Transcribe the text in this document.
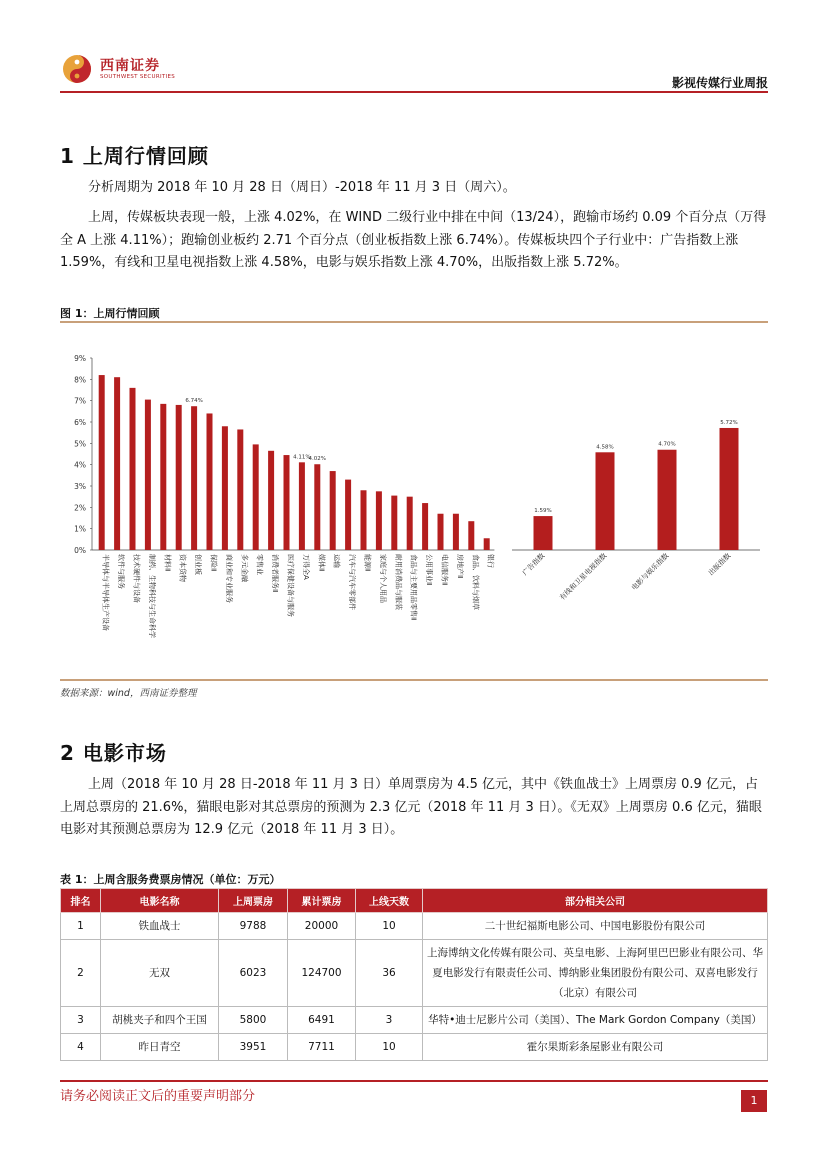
西南证券
SOUTHWEST SECURITIES	影视传媒行业周报
1 上周行情回顾
分析周期为 2018 年 10 月 28 日（周日）-2018 年 11 月 3 日（周六）。
上周，传媒板块表现一般，上涨 4.02%，在 WIND 二级行业中排在中间（13/24），跑输市场约 0.09 个百分点（万得全 A 上涨 4.11%）；跑输创业板约 2.71 个百分点（创业板指数上涨 6.74%）。传媒板块四个子行业中：广告指数上涨 1.59%，有线和卫星电视指数上涨 4.58%，电影与娱乐指数上涨 4.70%，出版指数上涨 5.72%。
图 1：上周行情回顾
0%
1%
2%
3%
4%
5%
6%
7%
8%
9%
半导体与半导体生产设备 软件与服务 技术硬件与设备 制药、生物科技与生命科学 材料Ⅱ 资本货物
6.74%
创业板 保险Ⅱ 商业和专业服务 多元金融 零售业 消费者服务Ⅱ 医疗保健设备与服务
4.11%
万得全A
4.02%
媒体Ⅱ 运输 汽车与汽车零部件 能源Ⅱ 家庭与个人用品 耐用消费品与服装 食品与主要用品零售Ⅱ 公用事业Ⅱ 电信服务Ⅱ 房地产Ⅱ 食品、饮料与烟草 银行
1.59%
广告指数
4.58%
有线和卫星电视指数
4.70%
电影与娱乐指数
5.72%
出版指数
数据来源：wind，西南证券整理
2 电影市场
上周（2018 年 10 月 28 日-2018 年 11 月 3 日）单周票房为 4.5 亿元，其中《铁血战士》上周票房 0.9 亿元，占上周总票房的 21.6%，猫眼电影对其总票房的预测为 2.3 亿元（2018 年 11 月 3 日）。《无双》上周票房 0.6 亿元，猫眼电影对其预测总票房为 12.9 亿元（2018 年 11 月 3 日）。
表 1：上周含服务费票房情况（单位：万元）
排名	电影名称	上周票房	累计票房	上线天数	部分相关公司
1	铁血战士	9788	20000	10	二十世纪福斯电影公司、中国电影股份有限公司
2	无双	6023	124700	36	上海博纳文化传媒有限公司、英皇电影、上海阿里巴巴影业有限公司、华夏电影发行有限责任公司、博纳影业集团股份有限公司、双喜电影发行（北京）有限公司
3	胡桃夹子和四个王国	5800	6491	3	华特•迪士尼影片公司（美国）、The Mark Gordon Company（美国）
4	昨日青空	3951	7711	10	霍尔果斯彩条屋影业有限公司
请务必阅读正文后的重要声明部分	1
